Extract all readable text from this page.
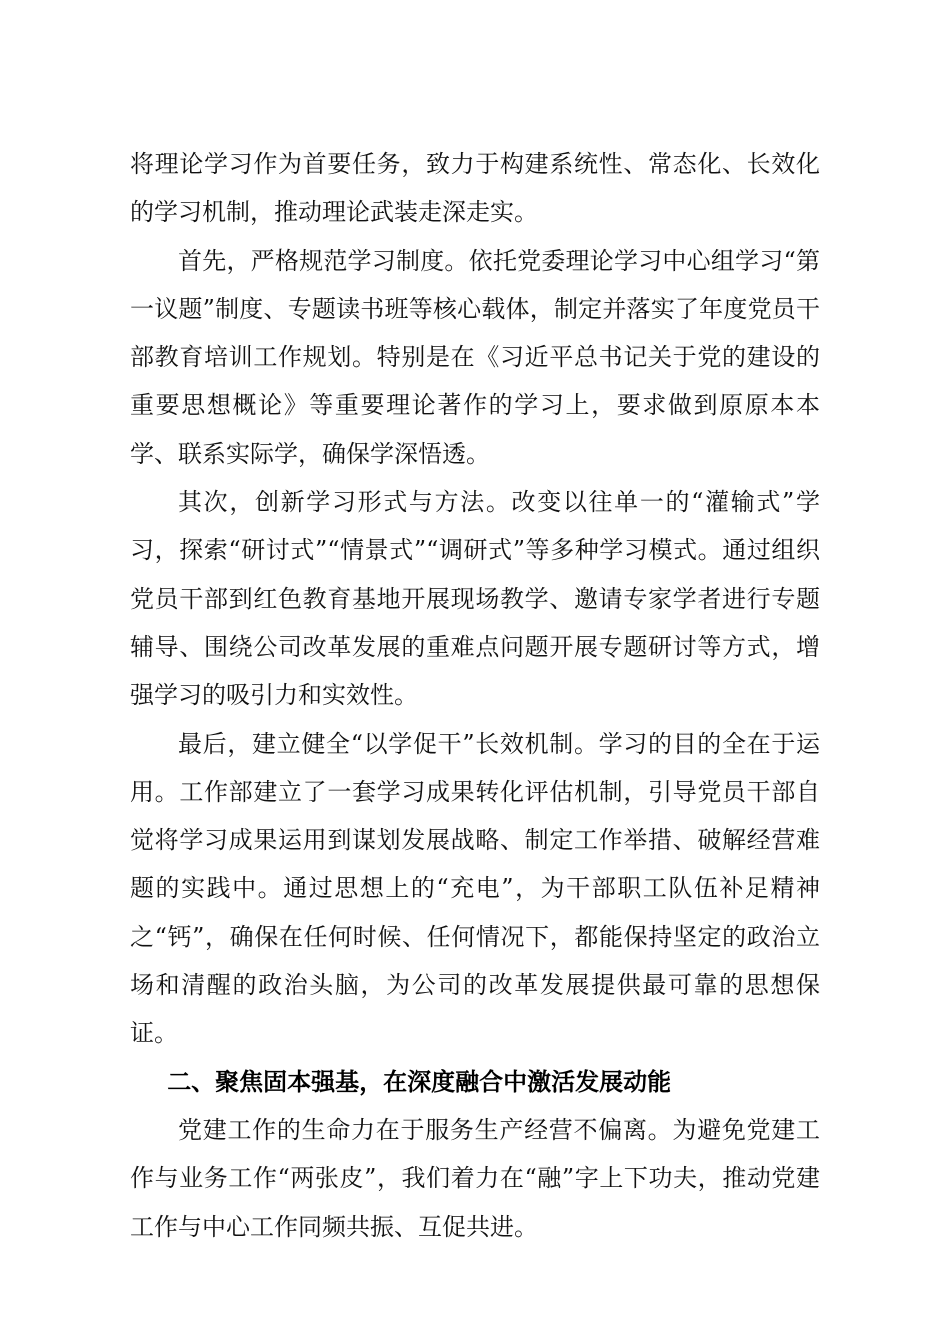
将理论学习作为首要任务，致力于构建系统性、常态化、长效化的学习机制，推动理论武装走深走实。

首先，严格规范学习制度。依托党委理论学习中心组学习“第一议题”制度、专题读书班等核心载体，制定并落实了年度党员干部教育培训工作规划。特别是在《习近平总书记关于党的建设的重要思想概论》等重要理论著作的学习上，要求做到原原本本学、联系实际学，确保学深悟透。

其次，创新学习形式与方法。改变以往单一的“灌输式”学习，探索“研讨式”“情景式”“调研式”等多种学习模式。通过组织党员干部到红色教育基地开展现场教学、邀请专家学者进行专题辅导、围绕公司改革发展的重难点问题开展专题研讨等方式，增强学习的吸引力和实效性。

最后，建立健全“以学促干”长效机制。学习的目的全在于运用。工作部建立了一套学习成果转化评估机制，引导党员干部自觉将学习成果运用到谋划发展战略、制定工作举措、破解经营难题的实践中。通过思想上的“充电”，为干部职工队伍补足精神之“钙”，确保在任何时候、任何情况下，都能保持坚定的政治立场和清醒的政治头脑，为公司的改革发展提供最可靠的思想保证。

二、聚焦固本强基，在深度融合中激活发展动能

党建工作的生命力在于服务生产经营不偏离。为避免党建工作与业务工作“两张皮”，我们着力在“融”字上下功夫，推动党建工作与中心工作同频共振、互促共进。
